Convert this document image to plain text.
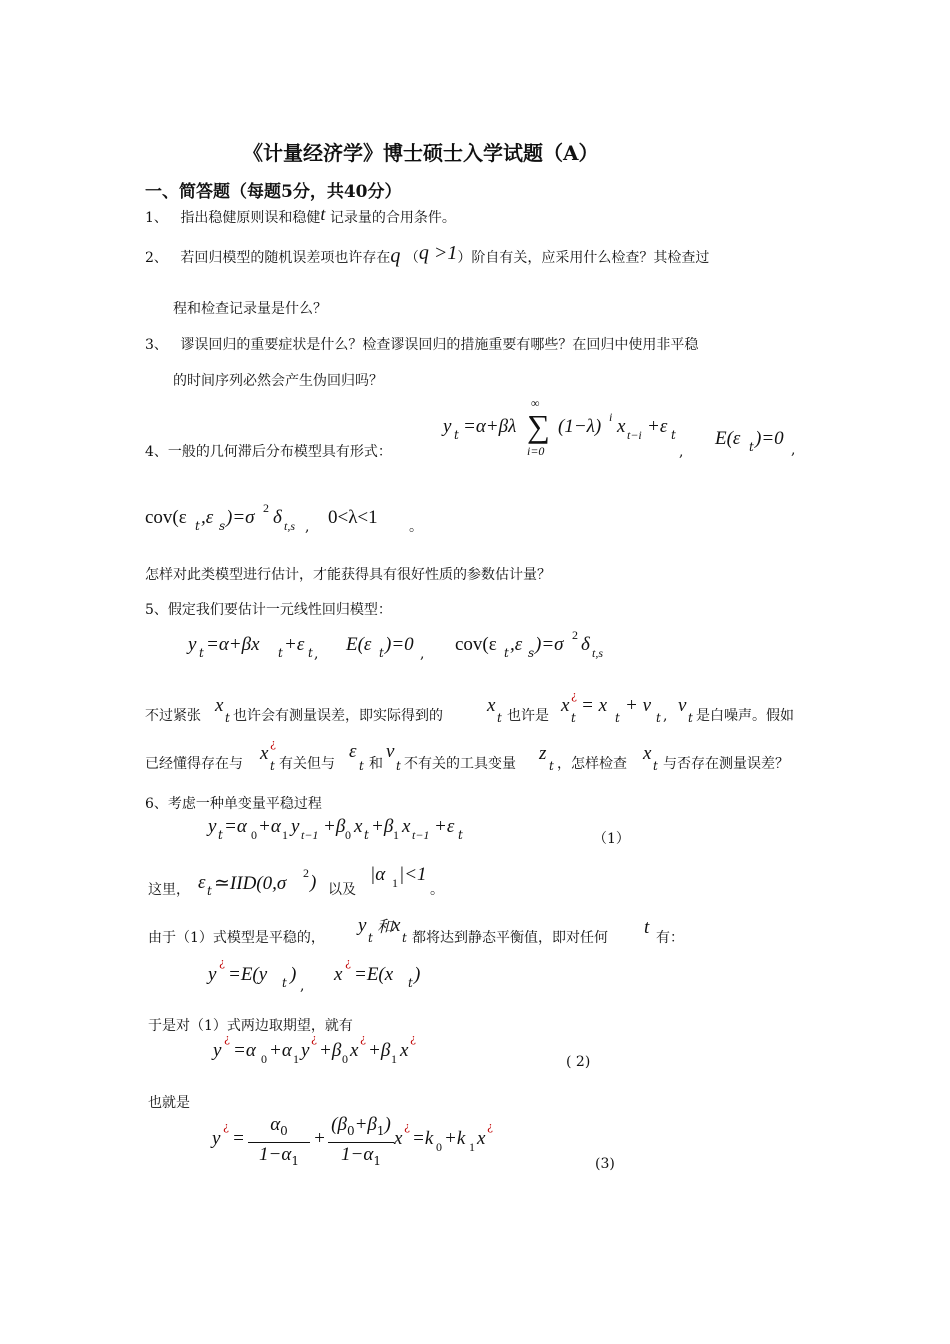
《计量经济学》博士硕士入学试题（A）
一、简答题（每题5分，共40分）
1、 指出稳健原则误和稳健t 记录量的合用条件。
2、 若回归模型的随机误差项也许存在q （q >1）阶自有关，应采用什么检查？其检查过
程和检查记录量是什么？
3、 谬误回归的重要症状是什么？检查谬误回归的措施重要有哪些？在回归中使用非平稳
的时间序列必然会产生伪回归吗？
4、一般的几何滞后分布模型具有形式：
y t =α+βλ
∞
∑
i=0
(1−λ) i x t−i +ε t
,
E(ε t )=0
,
cov(ε t ,ε s )=σ 2 δ t,s , 0<λ<1 。
怎样对此类模型进行估计，才能获得具有很好性质的参数估计量？
5、假定我们要估计一元线性回归模型：
y t =α+βx t +ε t , E(ε t )=0 , cov(ε t ,ε s )=σ 2 δ t,s
不过紧张 x
t 也许会有测量误差，即实际得到的 x
t 也许是 x ¿
t
= x
t
+ v
t , v
t 是白噪声。假如
已经懂得存在与 x ¿
t 有关但与
ε
t 和
v
t 不有关的工具变量 z
t ，怎样检查 x
t 与否存在测量误差？
6、考虑一种单变量平稳过程
y t =α 0 +α 1 y t−1 +β 0 x t +β 1 x t−1 +ε t	（1）
这里， ε t ≃IID(0,σ 2 ) 以及
|α 1 |<1
。
由于（1）式模型是平稳的，
y
t
和
x
t 都将达到静态平衡值，即对任何 t 有：
y
¿
=E(y t )
,
x
¿
=E(x t )
于是对（1）式两边取期望，就有
y
¿
=α 0 +α 1 y
¿
+β 0 x
¿
+β 1 x
¿
( 2)
也就是
y
¿
=
$\alpha_0$
$1-\alpha_1$
+
$(\beta_0+\beta_1)$
$1-\alpha_1$
x
¿
=k 0 +k 1 x
¿
(3)
